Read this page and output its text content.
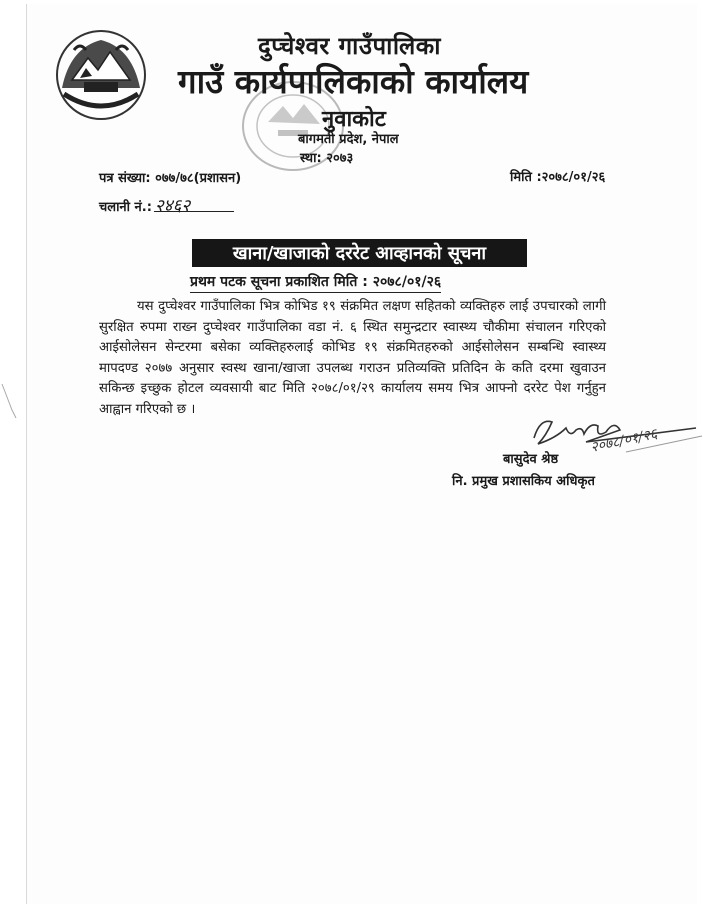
दुप्चेश्वर गाउँपालिका
गाउँ कार्यपालिकाको कार्यालय
नुवाकोट
बागमती प्रदेश, नेपाल
स्था: २०७३
पत्र संख्या: ०७७/७८(प्रशासन)	मिति :२०७८/०१/२६
चलानी नं.: २४६२
खाना/खाजाको दररेट आव्हानको सूचना
प्रथम पटक सूचना प्रकाशित मिति : २०७८/०१/२६
यस दुप्चेश्वर गाउँपालिका भित्र कोभिड १९ संक्रमित लक्षण सहितको व्यक्तिहरु लाई उपचारको लागी सुरक्षित रुपमा राख्न दुप्चेश्वर गाउँपालिका वडा नं. ६ स्थित समुन्द्रटार स्वास्थ्य चौकीमा संचालन गरिएको आईसोलेसन सेन्टरमा बसेका व्यक्तिहरुलाई कोभिड १९ संक्रमितहरुको आईसोलेसन सम्बन्धि स्वास्थ्य मापदण्ड २०७७ अनुसार स्वस्थ खाना/खाजा उपलब्ध गराउन प्रतिव्यक्ति प्रतिदिन के कति दरमा खुवाउन सकिन्छ इच्छुक होटल व्यवसायी बाट मिति २०७८/०१/२९ कार्यालय समय भित्र आफ्नो दररेट पेश गर्नुहुन आह्वान गरिएको छ ।
२०७८/०१/२६
बासुदेव श्रेष्ठ
नि. प्रमुख प्रशासकिय अधिकृत
